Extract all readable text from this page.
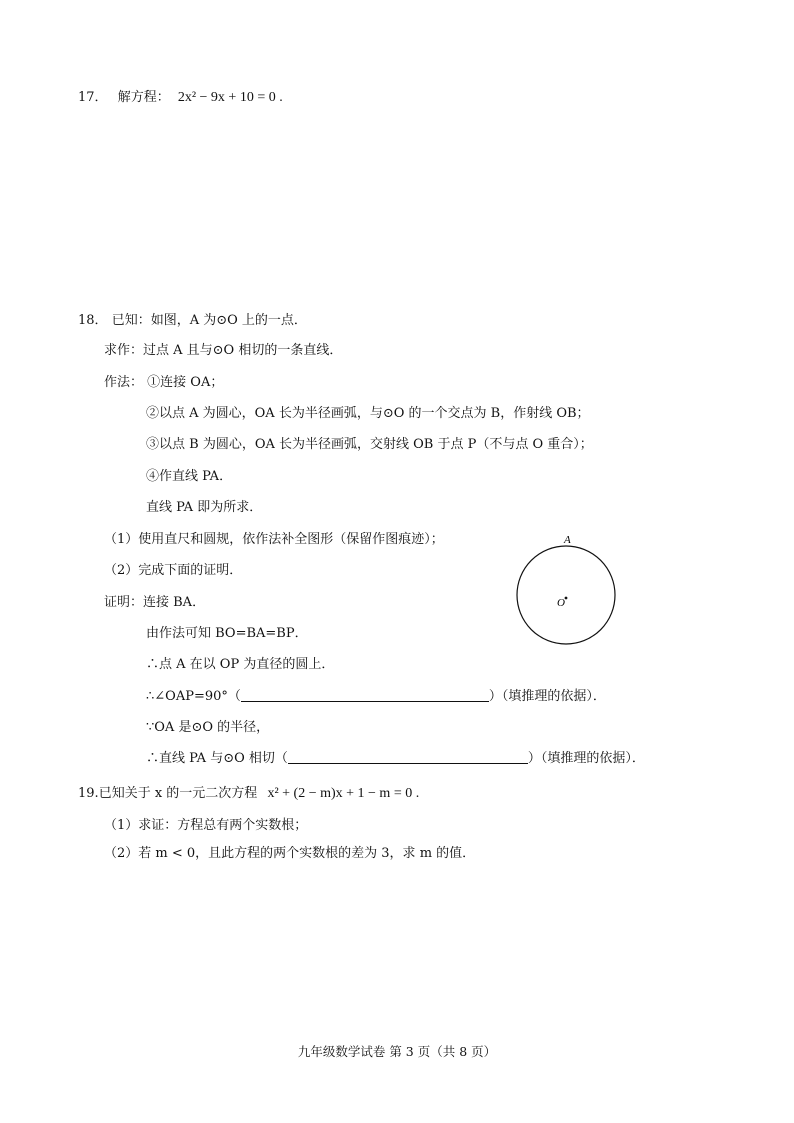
17． 解方程： 2x² − 9x + 10 = 0 .
18． 已知：如图，A 为⊙O 上的一点．
求作：过点 A 且与⊙O 相切的一条直线．
作法： ①连接 OA；
②以点 A 为圆心，OA 长为半径画弧，与⊙O 的一个交点为 B，作射线 OB；
③以点 B 为圆心，OA 长为半径画弧，交射线 OB 于点 P（不与点 O 重合）；
④作直线 PA．
直线 PA 即为所求．
（1）使用直尺和圆规，依作法补全图形（保留作图痕迹）；
（2）完成下面的证明．
证明：连接 BA．
由作法可知 BO=BA=BP．
∴点 A 在以 OP 为直径的圆上．
∴∠OAP=90°（	）（填推理的依据）．
∵OA 是⊙O 的半径，
∴直线 PA 与⊙O 相切（	）（填推理的依据）．
A
O
19.已知关于 x 的一元二次方程 x² + (2 − m)x + 1 − m = 0 .
（1）求证：方程总有两个实数根；
（2）若 m < 0，且此方程的两个实数根的差为 3，求 m 的值．
九年级数学试卷 第 3 页（共 8 页）
